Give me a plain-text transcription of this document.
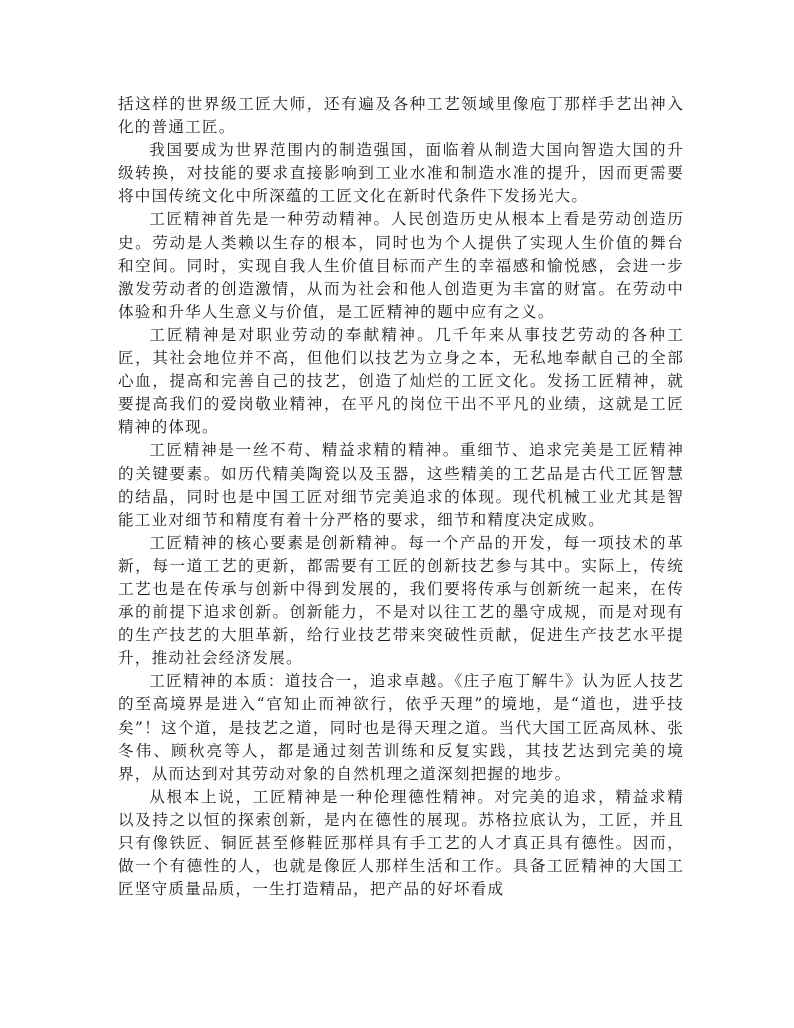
括这样的世界级工匠大师，还有遍及各种工艺领域里像庖丁那样手艺出神入化的普通工匠。

我国要成为世界范围内的制造强国，面临着从制造大国向智造大国的升级转换，对技能的要求直接影响到工业水准和制造水准的提升，因而更需要将中国传统文化中所深蕴的工匠文化在新时代条件下发扬光大。

工匠精神首先是一种劳动精神。人民创造历史从根本上看是劳动创造历史。劳动是人类赖以生存的根本，同时也为个人提供了实现人生价值的舞台和空间。同时，实现自我人生价值目标而产生的幸福感和愉悦感，会进一步激发劳动者的创造激情，从而为社会和他人创造更为丰富的财富。在劳动中体验和升华人生意义与价值，是工匠精神的题中应有之义。

工匠精神是对职业劳动的奉献精神。几千年来从事技艺劳动的各种工匠，其社会地位并不高，但他们以技艺为立身之本，无私地奉献自己的全部心血，提高和完善自己的技艺，创造了灿烂的工匠文化。发扬工匠精神，就要提高我们的爱岗敬业精神，在平凡的岗位干出不平凡的业绩，这就是工匠精神的体现。

工匠精神是一丝不苟、精益求精的精神。重细节、追求完美是工匠精神的关键要素。如历代精美陶瓷以及玉器，这些精美的工艺品是古代工匠智慧的结晶，同时也是中国工匠对细节完美追求的体现。现代机械工业尤其是智能工业对细节和精度有着十分严格的要求，细节和精度决定成败。

工匠精神的核心要素是创新精神。每一个产品的开发，每一项技术的革新，每一道工艺的更新，都需要有工匠的创新技艺参与其中。实际上，传统工艺也是在传承与创新中得到发展的，我们要将传承与创新统一起来，在传承的前提下追求创新。创新能力，不是对以往工艺的墨守成规，而是对现有的生产技艺的大胆革新，给行业技艺带来突破性贡献，促进生产技艺水平提升，推动社会经济发展。

工匠精神的本质：道技合一，追求卓越。《庄子庖丁解牛》认为匠人技艺的至高境界是进入“官知止而神欲行，依乎天理”的境地，是“道也，进乎技矣”！这个道，是技艺之道，同时也是得天理之道。当代大国工匠高凤林、张冬伟、顾秋亮等人，都是通过刻苦训练和反复实践，其技艺达到完美的境界，从而达到对其劳动对象的自然机理之道深刻把握的地步。

从根本上说，工匠精神是一种伦理德性精神。对完美的追求，精益求精以及持之以恒的探索创新，是内在德性的展现。苏格拉底认为，工匠，并且只有像铁匠、铜匠甚至修鞋匠那样具有手工艺的人才真正具有德性。因而，做一个有德性的人，也就是像匠人那样生活和工作。具备工匠精神的大国工匠坚守质量品质，一生打造精品，把产品的好坏看成
